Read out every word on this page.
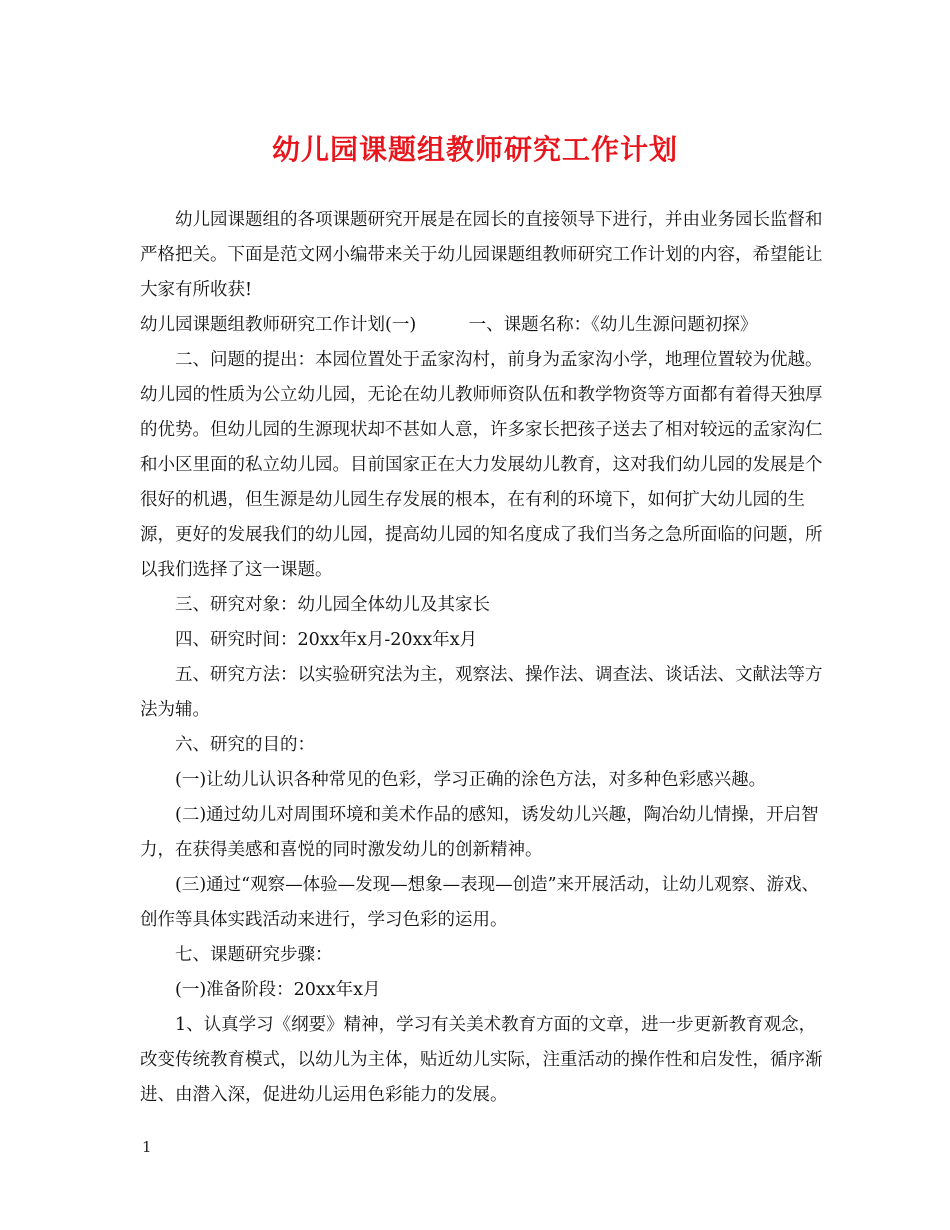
幼儿园课题组教师研究工作计划

幼儿园课题组的各项课题研究开展是在园长的直接领导下进行，并由业务园长监督和严格把关。下面是范文网小编带来关于幼儿园课题组教师研究工作计划的内容，希望能让大家有所收获!

幼儿园课题组教师研究工作计划(一)　　　一、课题名称：《幼儿生源问题初探》

二、问题的提出：本园位置处于孟家沟村，前身为孟家沟小学，地理位置较为优越。幼儿园的性质为公立幼儿园，无论在幼儿教师师资队伍和教学物资等方面都有着得天独厚的优势。但幼儿园的生源现状却不甚如人意，许多家长把孩子送去了相对较远的孟家沟仁和小区里面的私立幼儿园。目前国家正在大力发展幼儿教育，这对我们幼儿园的发展是个很好的机遇，但生源是幼儿园生存发展的根本，在有利的环境下，如何扩大幼儿园的生源，更好的发展我们的幼儿园，提高幼儿园的知名度成了我们当务之急所面临的问题，所以我们选择了这一课题。

三、研究对象：幼儿园全体幼儿及其家长

四、研究时间：20xx年x月-20xx年x月

五、研究方法：以实验研究法为主，观察法、操作法、调查法、谈话法、文献法等方法为辅。

六、研究的目的：

(一)让幼儿认识各种常见的色彩，学习正确的涂色方法，对多种色彩感兴趣。

(二)通过幼儿对周围环境和美术作品的感知，诱发幼儿兴趣，陶冶幼儿情操，开启智力，在获得美感和喜悦的同时激发幼儿的创新精神。

(三)通过“观察—体验—发现—想象—表现—创造”来开展活动，让幼儿观察、游戏、创作等具体实践活动来进行，学习色彩的运用。

七、课题研究步骤：

(一)准备阶段：20xx年x月

1、认真学习《纲要》精神，学习有关美术教育方面的文章，进一步更新教育观念，改变传统教育模式，以幼儿为主体，贴近幼儿实际，注重活动的操作性和启发性，循序渐进、由潜入深，促进幼儿运用色彩能力的发展。

1
